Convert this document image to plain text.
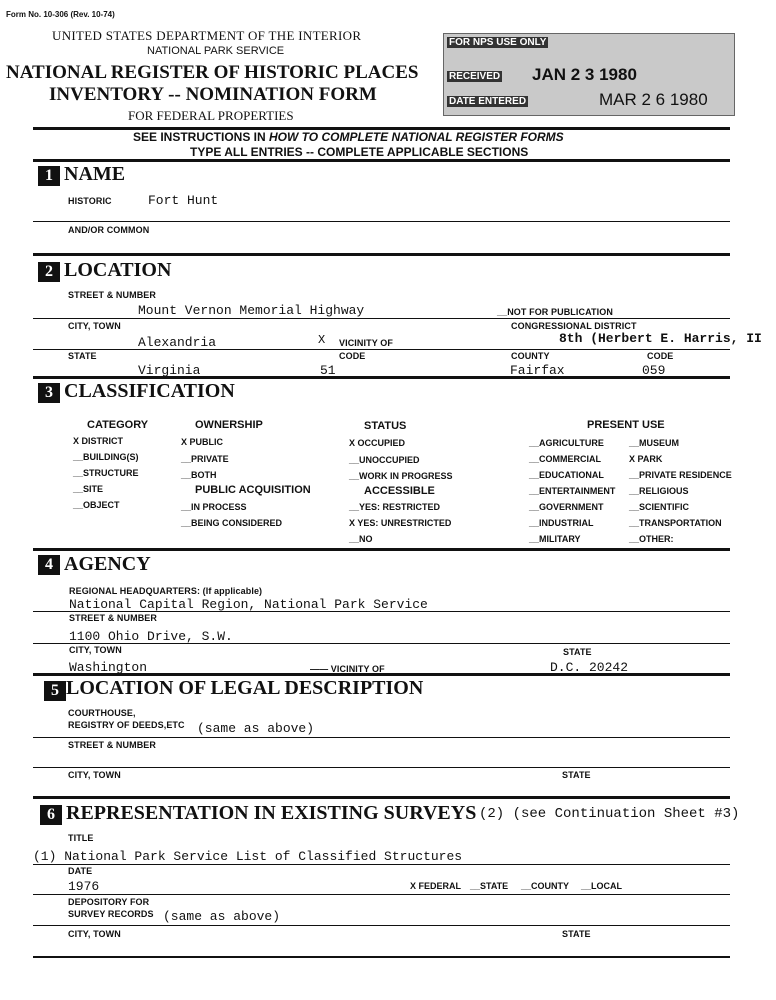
Form No. 10-306 (Rev. 10-74)
UNITED STATES DEPARTMENT OF THE INTERIOR
NATIONAL PARK SERVICE
NATIONAL REGISTER OF HISTORIC PLACES
INVENTORY -- NOMINATION FORM
FOR FEDERAL PROPERTIES
FOR NPS USE ONLY
RECEIVED JAN 2 3 1980
DATE ENTERED	MAR 2 6 1980
SEE INSTRUCTIONS IN HOW TO COMPLETE NATIONAL REGISTER FORMS
TYPE ALL ENTRIES -- COMPLETE APPLICABLE SECTIONS
1 NAME
HISTORIC	Fort Hunt
AND/OR COMMON
2 LOCATION
STREET & NUMBER
Mount Vernon Memorial Highway	__NOT FOR PUBLICATION
CITY, TOWN	CONGRESSIONAL DISTRICT
Alexandria	X VICINITY OF	8th (Herbert E. Harris, II
STATE	CODE	COUNTY	CODE
Virginia	51	Fairfax	059
3 CLASSIFICATION
CATEGORY	OWNERSHIP	STATUS	PRESENT USE
X DISTRICT
__BUILDING(S)
__STRUCTURE
__SITE
__OBJECT
X PUBLIC
__PRIVATE
__BOTH
PUBLIC ACQUISITION
__IN PROCESS
__BEING CONSIDERED
X OCCUPIED
__UNOCCUPIED
__WORK IN PROGRESS
ACCESSIBLE
__YES: RESTRICTED
X YES: UNRESTRICTED
__NO
__AGRICULTURE
__COMMERCIAL
__EDUCATIONAL
__ENTERTAINMENT
__GOVERNMENT
__INDUSTRIAL
__MILITARY
__MUSEUM
X PARK
__PRIVATE RESIDENCE
__RELIGIOUS
__SCIENTIFIC
__TRANSPORTATION
__OTHER:
4 AGENCY
REGIONAL HEADQUARTERS: (If applicable)
National Capital Region, National Park Service
STREET & NUMBER
1100 Ohio Drive, S.W.
CITY, TOWN	STATE
Washington	—— VICINITY OF	D.C. 20242
5 LOCATION OF LEGAL DESCRIPTION
COURTHOUSE,
REGISTRY OF DEEDS,ETC (same as above)
STREET & NUMBER
CITY, TOWN	STATE
6 REPRESENTATION IN EXISTING SURVEYS (2) (see Continuation Sheet #3)
TITLE
(1) National Park Service List of Classified Structures
DATE
1976	X FEDERAL __STATE __COUNTY __LOCAL
DEPOSITORY FOR
SURVEY RECORDS (same as above)
CITY, TOWN	STATE
